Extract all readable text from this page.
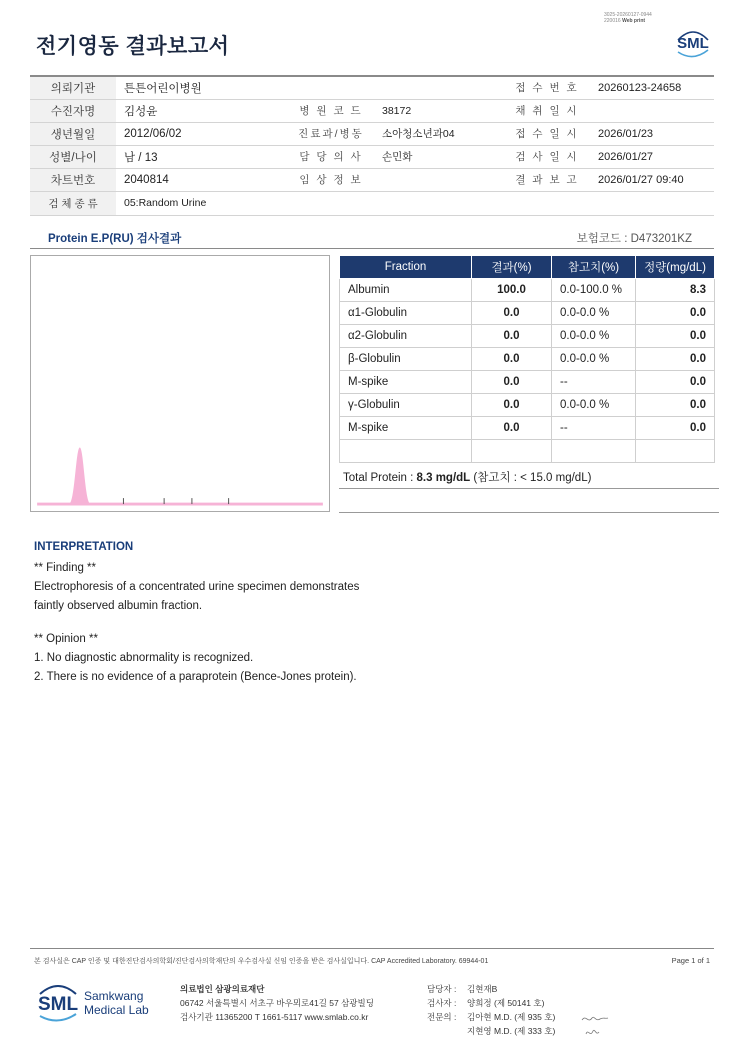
3025-20260127-0944
220016 Web print
전기영동 결과보고서	SML
의뢰기관	튼튼어린이병원			접 수 번 호	20260123-24658
수진자명	김성윤	병 원 코 드	38172	채 취 일 시	
생년월일	2012/06/02	진료과/병동	소아청소년과04	접 수 일 시	2026/01/23
성별/나이	남 / 13	담 당 의 사	손민화	검 사 일 시	2026/01/27
차트번호	2040814	임 상 정 보		결 과 보 고	2026/01/27 09:40
검 체 종 류	05:Random Urine				
Protein E.P(RU) 검사결과	보험코드 : D473201KZ
Fraction	결과(%)	참고치(%)	정량(mg/dL)
Albumin	100.0	0.0-100.0 %	8.3
α1-Globulin	0.0	0.0-0.0 %	0.0
α2-Globulin	0.0	0.0-0.0 %	0.0
β-Globulin	0.0	0.0-0.0 %	0.0
M-spike	0.0	--	0.0
γ-Globulin	0.0	0.0-0.0 %	0.0
M-spike	0.0	--	0.0

Total Protein : 8.3 mg/dL (참고치 : < 15.0 mg/dL)
INTERPRETATION
** Finding **
Electrophoresis of a concentrated urine specimen demonstrates
faintly observed albumin fraction.
** Opinion **
1. No diagnostic abnormality is recognized.
2. There is no evidence of a paraprotein (Bence-Jones protein).
본 검사실은 CAP 인증 및 대한진단검사의학회/진단검사의학재단의 우수검사실 신임 인증을 받은 검사실입니다. CAP Accredited Laboratory. 69944-01	Page 1 of 1
SML Samkwang
Medical Lab
의료법인 삼광의료재단
06742 서울특별시 서초구 바우뫼로41길 57 삼광빌딩
검사기관 11365200 T 1661-5117 www.smlab.co.kr
담당자 : 김현재B
검사자 : 양희정 (제 50141 호)
전문의 : 김아현 M.D. (제 935 호)
지현영 M.D. (제 333 호)
